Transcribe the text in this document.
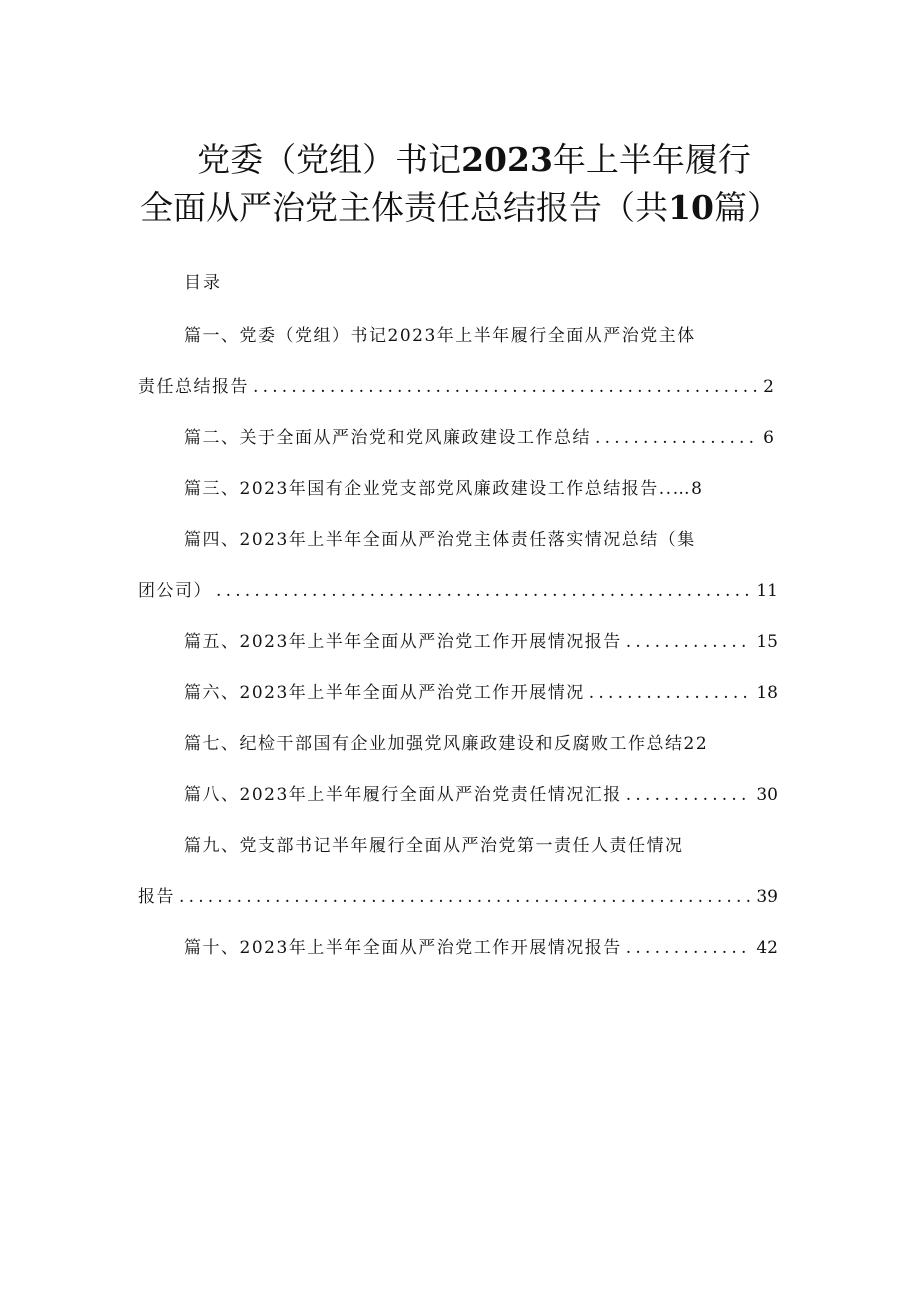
党委（党组）书记2023年上半年履行
全面从严治党主体责任总结报告（共10篇）
目录
篇一、党委（党组）书记2023年上半年履行全面从严治党主体
责任总结报告 .....	2
篇二、关于全面从严治党和党风廉政建设工作总结 .....	6
篇三、2023年国有企业党支部党风廉政建设工作总结报告..…8
篇四、2023年上半年全面从严治党主体责任落实情况总结（集
团公司） .....	11
篇五、2023年上半年全面从严治党工作开展情况报告 .....	15
篇六、2023年上半年全面从严治党工作开展情况 .....	18
篇七、纪检干部国有企业加强党风廉政建设和反腐败工作总结22
篇八、2023年上半年履行全面从严治党责任情况汇报 .....	30
篇九、党支部书记半年履行全面从严治党第一责任人责任情况
报告 .....	39
篇十、2023年上半年全面从严治党工作开展情况报告 .....	42
